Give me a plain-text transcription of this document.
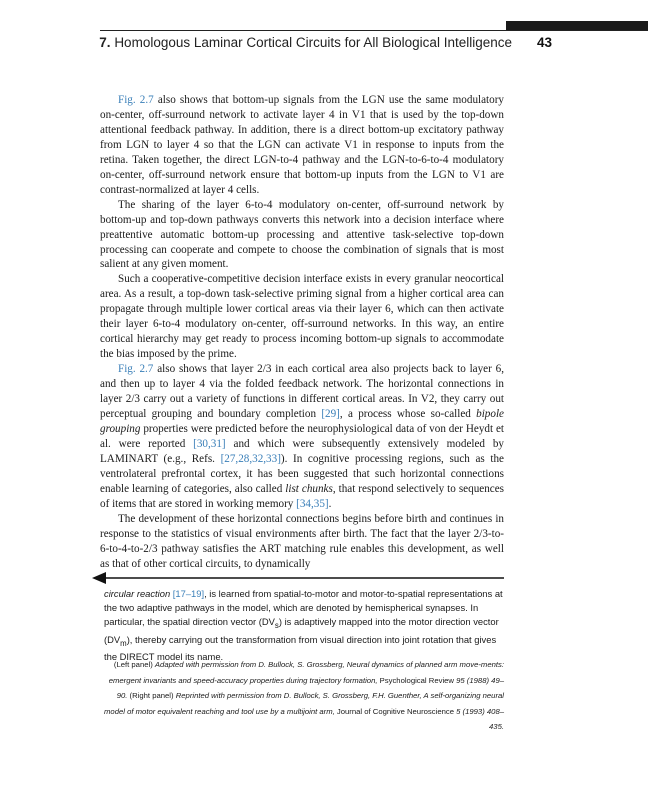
7. Homologous Laminar Cortical Circuits for All Biological Intelligence 43

Fig. 2.7 also shows that bottom-up signals from the LGN use the same modulatory on-center, off-surround network to activate layer 4 in V1 that is used by the top-down attentional feedback pathway. In addition, there is a direct bottom-up excitatory pathway from LGN to layer 4 so that the LGN can activate V1 in response to inputs from the retina. Taken together, the direct LGN-to-4 pathway and the LGN-to-6-to-4 modulatory on-center, off-surround network ensure that bottom-up inputs from the LGN to V1 are contrast-normalized at layer 4 cells.

The sharing of the layer 6-to-4 modulatory on-center, off-surround network by bottom-up and top-down pathways converts this network into a decision interface where preattentive automatic bottom-up processing and attentive task-selective top-down processing can cooperate and compete to choose the combination of signals that is most salient at any given moment.

Such a cooperative-competitive decision interface exists in every granular neocortical area. As a result, a top-down task-selective priming signal from a higher cortical area can propagate through multiple lower cortical areas via their layer 6, which can then activate their layer 6-to-4 modulatory on-center, off-surround networks. In this way, an entire cortical hierarchy may get ready to process incoming bottom-up signals to accommodate the bias imposed by the prime.

Fig. 2.7 also shows that layer 2/3 in each cortical area also projects back to layer 6, and then up to layer 4 via the folded feedback network. The horizontal connections in layer 2/3 carry out a variety of functions in different cortical areas. In V2, they carry out perceptual grouping and boundary completion [29], a process whose so-called bipole grouping properties were predicted before the neurophysiological data of von der Heydt et al. were reported [30,31] and which were subsequently extensively modeled by LAMINART (e.g., Refs. [27,28,32,33]). In cognitive processing regions, such as the ventrolateral prefrontal cortex, it has been suggested that such horizontal connections enable learning of categories, also called list chunks, that respond selectively to sequences of items that are stored in working memory [34,35].

The development of these horizontal connections begins before birth and continues in response to the statistics of visual environments after birth. The fact that the layer 2/3-to-6-to-4-to-2/3 pathway satisfies the ART matching rule enables this development, as well as that of other cortical circuits, to dynamically

circular reaction [17–19], is learned from spatial-to-motor and motor-to-spatial representations at the two adaptive pathways in the model, which are denoted by hemispherical synapses. In particular, the spatial direction vector $(DV_s)$ is adaptively mapped into the motor direction vector $(DV_m)$, thereby carrying out the transformation from visual direction into joint rotation that gives the DIRECT model its name.

(Left panel) Adapted with permission from D. Bullock, S. Grossberg, Neural dynamics of planned arm move-ments: emergent invariants and speed-accuracy properties during trajectory formation, Psychological Review 95 (1988) 49–90. (Right panel) Reprinted with permission from D. Bullock, S. Grossberg, F.H. Guenther, A self-organizing neural model of motor equivalent reaching and tool use by a multijoint arm, Journal of Cognitive Neuroscience 5 (1993) 408–435.
